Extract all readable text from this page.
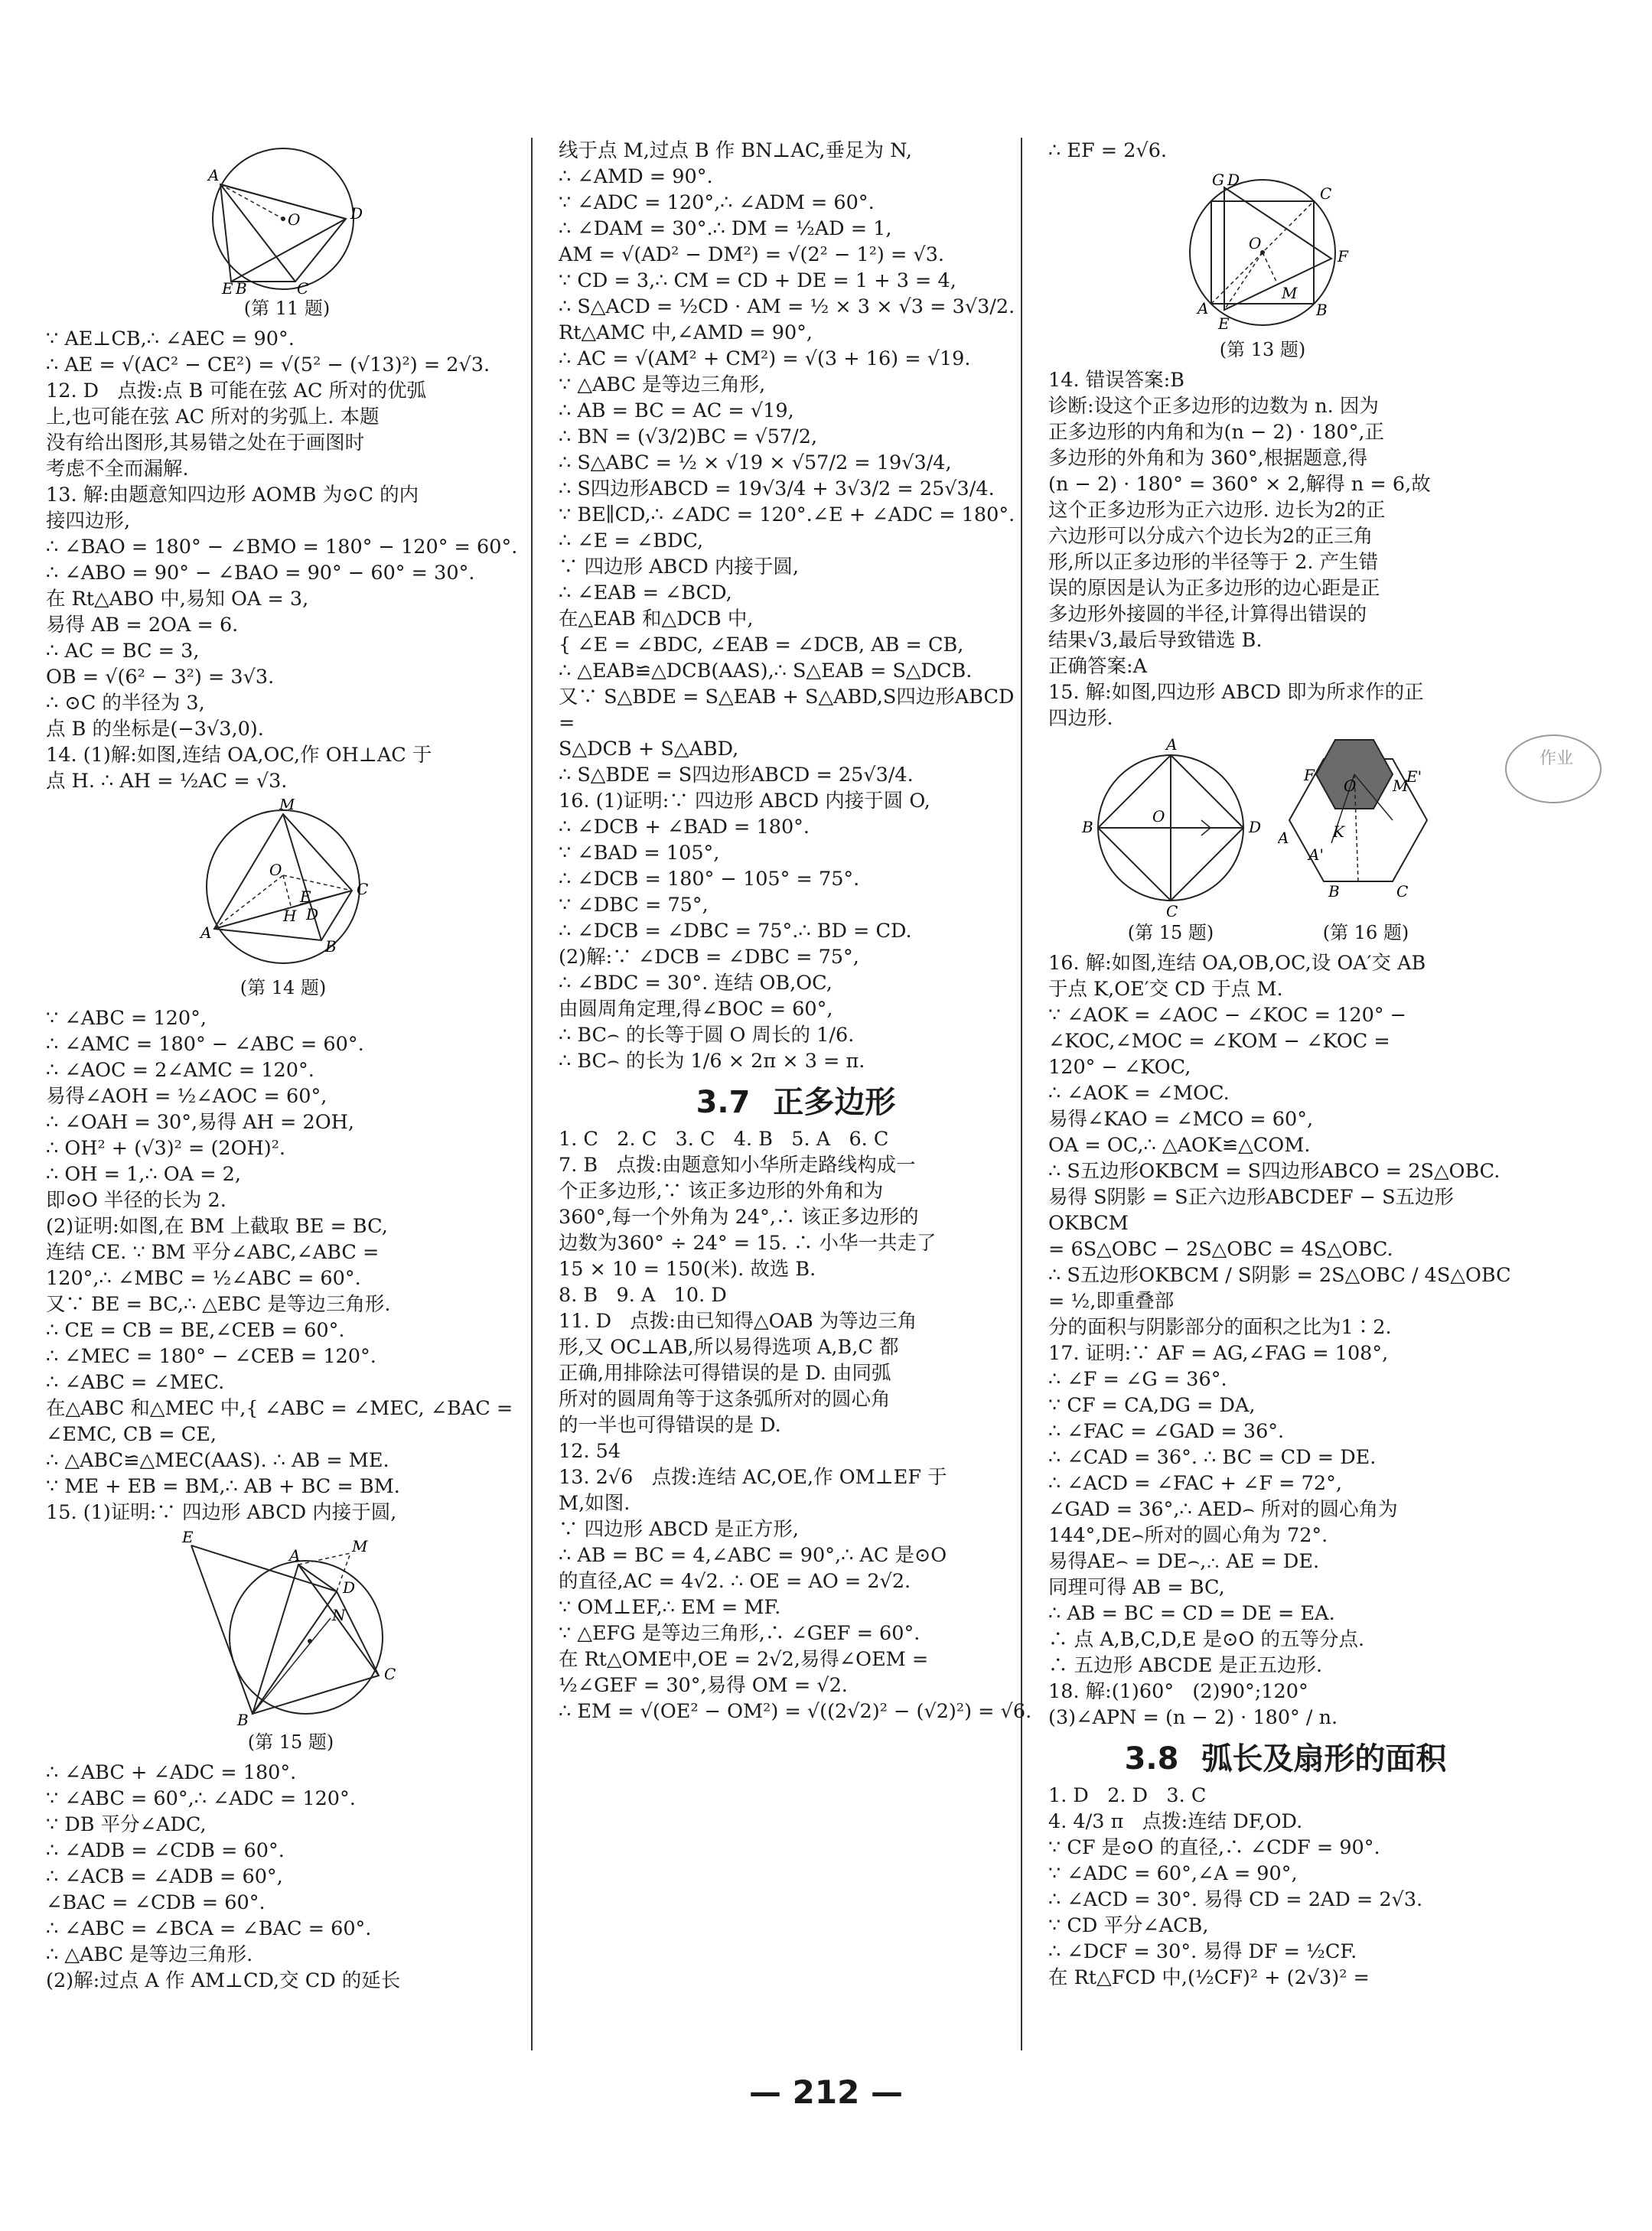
A
D
O
E B	C
(第 11 题)

∵ AE⊥CB,∴ ∠AEC = 90°.

∴ AE = √(AC² − CE²) = √(5² − (√13)²) = 2√3.

12. D   点拨:点 B 可能在弦 AC 所对的优弧

上,也可能在弦 AC 所对的劣弧上. 本题

没有给出图形,其易错之处在于画图时

考虑不全而漏解.

13. 解:由题意知四边形 AOMB 为⊙C 的内

接四边形,

∴ ∠BAO = 180° − ∠BMO = 180° − 120° = 60°.

∴ ∠ABO = 90° − ∠BAO = 90° − 60° = 30°.

在 Rt△ABO 中,易知 OA = 3,

易得 AB = 2OA = 6.

∴ AC = BC = 3,

OB = √(6² − 3²) = 3√3.

∴ ⊙C 的半径为 3,

点 B 的坐标是(−3√3,0).

14. (1)解:如图,连结 OA,OC,作 OH⊥AC 于

点 H. ∴ AH = ½AC = √3.

M
O
E	C
H D
A
B
(第 14 题)

∵ ∠ABC = 120°,

∴ ∠AMC = 180° − ∠ABC = 60°.

∴ ∠AOC = 2∠AMC = 120°.

易得∠AOH = ½∠AOC = 60°,

∴ ∠OAH = 30°,易得 AH = 2OH,

∴ OH² + (√3)² = (2OH)².

∴ OH = 1,∴ OA = 2,

即⊙O 半径的长为 2.

(2)证明:如图,在 BM 上截取 BE = BC,

连结 CE. ∵ BM 平分∠ABC,∠ABC =

120°,∴ ∠MBC = ½∠ABC = 60°.

又∵ BE = BC,∴ △EBC 是等边三角形.

∴ CE = CB = BE,∠CEB = 60°.

∴ ∠MEC = 180° − ∠CEB = 120°.

∴ ∠ABC = ∠MEC.

在△ABC 和△MEC 中,{ ∠ABC = ∠MEC, ∠BAC = ∠EMC, CB = CE,

∴ △ABC≌△MEC(AAS). ∴ AB = ME.

∵ ME + EB = BM,∴ AB + BC = BM.

15. (1)证明:∵ 四边形 ABCD 内接于圆,

E
A	M
D
N
B
C
(第 15 题)

∴ ∠ABC + ∠ADC = 180°.

∵ ∠ABC = 60°,∴ ∠ADC = 120°.

∵ DB 平分∠ADC,

∴ ∠ADB = ∠CDB = 60°.

∴ ∠ACB = ∠ADB = 60°,

∠BAC = ∠CDB = 60°.

∴ ∠ABC = ∠BCA = ∠BAC = 60°.

∴ △ABC 是等边三角形.

(2)解:过点 A 作 AM⊥CD,交 CD 的延长

线于点 M,过点 B 作 BN⊥AC,垂足为 N,

∴ ∠AMD = 90°.

∵ ∠ADC = 120°,∴ ∠ADM = 60°.

∴ ∠DAM = 30°.∴ DM = ½AD = 1,

AM = √(AD² − DM²) = √(2² − 1²) = √3.

∵ CD = 3,∴ CM = CD + DE = 1 + 3 = 4,

∴ S△ACD = ½CD · AM = ½ × 3 × √3 = 3√3/2.

Rt△AMC 中,∠AMD = 90°,

∴ AC = √(AM² + CM²) = √(3 + 16) = √19.

∵ △ABC 是等边三角形,

∴ AB = BC = AC = √19,

∴ BN = (√3/2)BC = √57/2,

∴ S△ABC = ½ × √19 × √57/2 = 19√3/4,

∴ S四边形ABCD = 19√3/4 + 3√3/2 = 25√3/4.

∵ BE∥CD,∴ ∠ADC = 120°.∠E + ∠ADC = 180°.

∴ ∠E = ∠BDC,

∵ 四边形 ABCD 内接于圆,

∴ ∠EAB = ∠BCD,

在△EAB 和△DCB 中,

{ ∠E = ∠BDC, ∠EAB = ∠DCB, AB = CB,

∴ △EAB≌△DCB(AAS),∴ S△EAB = S△DCB.

又∵ S△BDE = S△EAB + S△ABD,S四边形ABCD =

S△DCB + S△ABD,

∴ S△BDE = S四边形ABCD = 25√3/4.

16. (1)证明:∵ 四边形 ABCD 内接于圆 O,

∴ ∠DCB + ∠BAD = 180°.

∵ ∠BAD = 105°,

∴ ∠DCB = 180° − 105° = 75°.

∵ ∠DBC = 75°,

∴ ∠DCB = ∠DBC = 75°.∴ BD = CD.

(2)解:∵ ∠DCB = ∠DBC = 75°,

∴ ∠BDC = 30°. 连结 OB,OC,

由圆周角定理,得∠BOC = 60°,

∴ BC⌢ 的长等于圆 O 周长的 1/6.

∴ BC⌢ 的长为 1/6 × 2π × 3 = π.

3.7 正多边形

1. C   2. C   3. C   4. B   5. A   6. C

7. B   点拨:由题意知小华所走路线构成一

个正多边形,∵ 该正多边形的外角和为

360°,每一个外角为 24°,∴ 该正多边形的

边数为360° ÷ 24° = 15. ∴ 小华一共走了

15 × 10 = 150(米). 故选 B.

8. B   9. A   10. D

11. D   点拨:由已知得△OAB 为等边三角

形,又 OC⊥AB,所以易得选项 A,B,C 都

正确,用排除法可得错误的是 D. 由同弧

所对的圆周角等于这条弧所对的圆心角

的一半也可得错误的是 D.

12. 54

13. 2√6   点拨:连结 AC,OE,作 OM⊥EF 于

M,如图.

∵ 四边形 ABCD 是正方形,

∴ AB = BC = 4,∠ABC = 90°,∴ AC 是⊙O

的直径,AC = 4√2. ∴ OE = AO = 2√2.

∵ OM⊥EF,∴ EM = MF.

∵ △EFG 是等边三角形,∴ ∠GEF = 60°.

在 Rt△OME中,OE = 2√2,易得∠OEM =

½∠GEF = 30°,易得 OM = √2.

∴ EM = √(OE² − OM²) = √((2√2)² − (√2)²) = √6.

∴ EF = 2√6.

G D
C
O
F
A
E
M
B
(第 13 题)

14. 错误答案:B

诊断:设这个正多边形的边数为 n. 因为

正多边形的内角和为(n − 2) · 180°,正

多边形的外角和为 360°,根据题意,得

(n − 2) · 180° = 360° × 2,解得 n = 6,故

这个正多边形为正六边形. 边长为2的正

六边形可以分成六个边长为2的正三角

形,所以正多边形的半径等于 2. 产生错

误的原因是认为正多边形的边心距是正

多边形外接圆的半径,计算得出错误的

结果√3,最后导致错选 B.

正确答案:A

15. 解:如图,四边形 ABCD 即为所求作的正

四边形.

A
B
O
D
C
(第 15 题)
F
O M
E'
A	K
A'
B	C
(第 16 题)

16. 解:如图,连结 OA,OB,OC,设 OA′交 AB

于点 K,OE′交 CD 于点 M.

∵ ∠AOK = ∠AOC − ∠KOC = 120° −

∠KOC,∠MOC = ∠KOM − ∠KOC =

120° − ∠KOC,

∴ ∠AOK = ∠MOC.

易得∠KAO = ∠MCO = 60°,

OA = OC,∴ △AOK≌△COM.

∴ S五边形OKBCM = S四边形ABCO = 2S△OBC.

易得 S阴影 = S正六边形ABCDEF − S五边形OKBCM

= 6S△OBC − 2S△OBC = 4S△OBC.

∴ S五边形OKBCM / S阴影 = 2S△OBC / 4S△OBC = ½,即重叠部

分的面积与阴影部分的面积之比为1∶2.

17. 证明:∵ AF = AG,∠FAG = 108°,

∴ ∠F = ∠G = 36°.

∵ CF = CA,DG = DA,

∴ ∠FAC = ∠GAD = 36°.

∴ ∠CAD = 36°. ∴ BC = CD = DE.

∴ ∠ACD = ∠FAC + ∠F = 72°,

∠GAD = 36°,∴ AED⌢ 所对的圆心角为

144°,DE⌢所对的圆心角为 72°.

易得AE⌢ = DE⌢,∴ AE = DE.

同理可得 AB = BC,

∴ AB = BC = CD = DE = EA.

∴ 点 A,B,C,D,E 是⊙O 的五等分点.

∴ 五边形 ABCDE 是正五边形.

18. 解:(1)60°   (2)90°;120°

(3)∠APN = (n − 2) · 180° / n.

3.8 弧长及扇形的面积

1. D   2. D   3. C

4. 4/3 π   点拨:连结 DF,OD.

∵ CF 是⊙O 的直径,∴ ∠CDF = 90°.

∵ ∠ADC = 60°,∠A = 90°,

∴ ∠ACD = 30°. 易得 CD = 2AD = 2√3.

∵ CD 平分∠ACB,

∴ ∠DCF = 30°. 易得 DF = ½CF.

在 Rt△FCD 中,(½CF)² + (2√3)² =

作业
— 212 —
